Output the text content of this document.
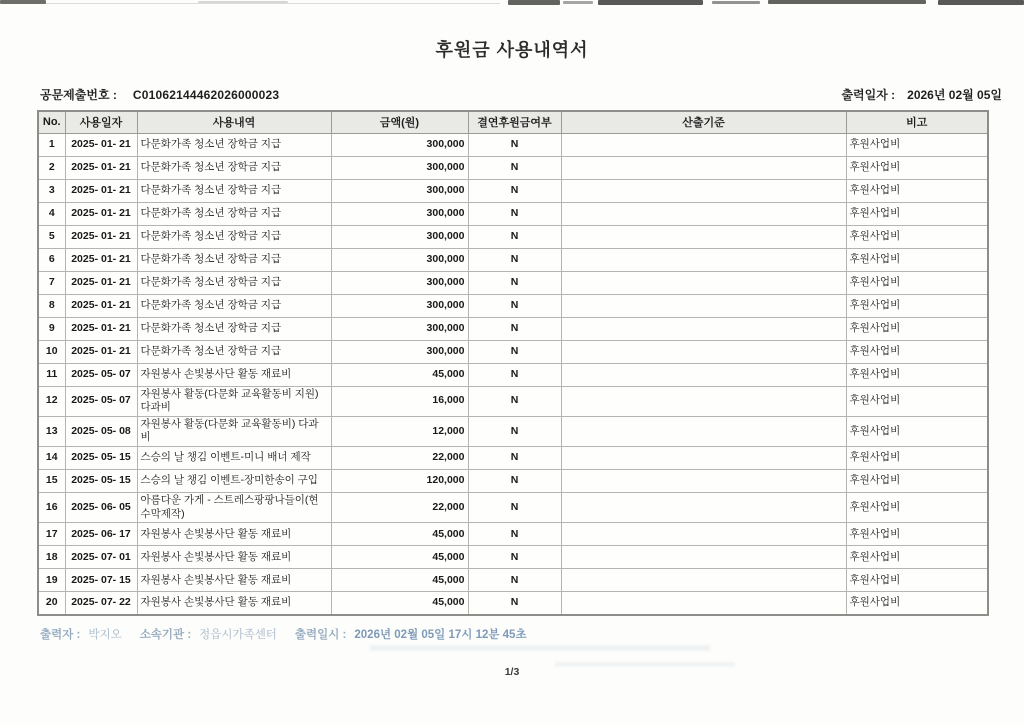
후원금 사용내역서
공문제출번호 : C01062144462026000023	출력일자 : 2026년 02월 05일
No.	사용일자	사용내역	금액(원)	결연후원금여부	산출기준	비고
1	2025- 01- 21	다문화가족 청소년 장학금 지급	300,000	N		후원사업비
2	2025- 01- 21	다문화가족 청소년 장학금 지급	300,000	N		후원사업비
3	2025- 01- 21	다문화가족 청소년 장학금 지급	300,000	N		후원사업비
4	2025- 01- 21	다문화가족 청소년 장학금 지급	300,000	N		후원사업비
5	2025- 01- 21	다문화가족 청소년 장학금 지급	300,000	N		후원사업비
6	2025- 01- 21	다문화가족 청소년 장학금 지급	300,000	N		후원사업비
7	2025- 01- 21	다문화가족 청소년 장학금 지급	300,000	N		후원사업비
8	2025- 01- 21	다문화가족 청소년 장학금 지급	300,000	N		후원사업비
9	2025- 01- 21	다문화가족 청소년 장학금 지급	300,000	N		후원사업비
10	2025- 01- 21	다문화가족 청소년 장학금 지급	300,000	N		후원사업비
11	2025- 05- 07	자원봉사 손빛봉사단 활동 재료비	45,000	N		후원사업비
12	2025- 05- 07	자원봉사 활동(다문화 교육활동비 지원) 다과비	16,000	N		후원사업비
13	2025- 05- 08	자원봉사 활동(다문화 교육활동비) 다과비	12,000	N		후원사업비
14	2025- 05- 15	스승의 날 챙김 이벤트-미니 배너 제작	22,000	N		후원사업비
15	2025- 05- 15	스승의 날 챙김 이벤트-장미한송이 구입	120,000	N		후원사업비
16	2025- 06- 05	아름다운 가게 - 스트레스팡팡나들이(현수막제작)	22,000	N		후원사업비
17	2025- 06- 17	자원봉사 손빛봉사단 활동 재료비	45,000	N		후원사업비
18	2025- 07- 01	자원봉사 손빛봉사단 활동 재료비	45,000	N		후원사업비
19	2025- 07- 15	자원봉사 손빛봉사단 활동 재료비	45,000	N		후원사업비
20	2025- 07- 22	자원봉사 손빛봉사단 활동 재료비	45,000	N		후원사업비
출력자 : 박지오 소속기관 : 정읍시가족센터 출력일시 : 2026년 02월 05일 17시 12분 45초
1/3
